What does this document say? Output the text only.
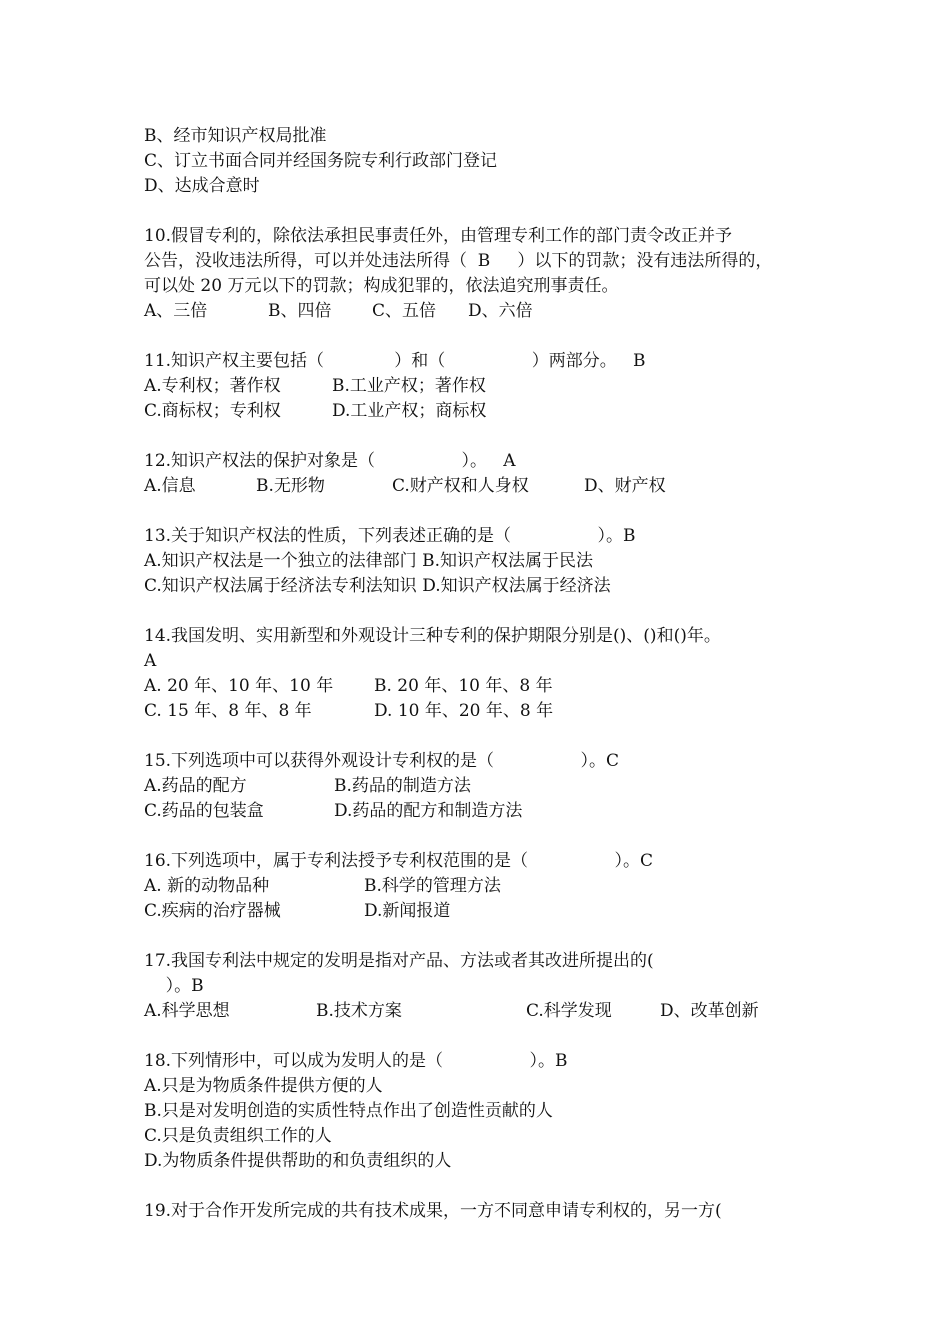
B、经市知识产权局批准
C、订立书面合同并经国务院专利行政部门登记
D、达成合意时
10.假冒专利的，除依法承担民事责任外，由管理专利工作的部门责令改正并予
公告，没收违法所得，可以并处违法所得（  B     ）以下的罚款；没有违法所得的，
可以处 20 万元以下的罚款；构成犯罪的，依法追究刑事责任。

A、三倍

	B、四倍

C、五倍

D、六倍

11.知识产权主要包括（             ）和（                ）两部分。   B

A.专利权；著作权

	B.工业产权；著作权

C.商标权；专利权

	D.工业产权；商标权

12.知识产权法的保护对象是（                ）。   A

A.信息

	B.无形物

	C.财产权和人身权

	D、财产权

13.关于知识产权法的性质，下列表述正确的是（                ）。B
A.知识产权法是一个独立的法律部门 B.知识产权法属于民法
C.知识产权法属于经济法专利法知识 D.知识产权法属于经济法
14.我国发明、实用新型和外观设计三种专利的保护期限分别是()、()和()年。
A

A. 20 年、10 年、10 年

B. 20 年、10 年、8 年

C. 15 年、8 年、8 年

	D. 10 年、20 年、8 年

15.下列选项中可以获得外观设计专利权的是（                ）。C

A.药品的配方

	B.药品的制造方法

C.药品的包装盒

	D.药品的配方和制造方法

16.下列选项中，属于专利法授予专利权范围的是（                ）。C

A. 新的动物品种

	B.科学的管理方法

C.疾病的治疗器械

	D.新闻报道

17.我国专利法中规定的发明是指对产品、方法或者其改进所提出的(
）。B

A.科学思想

	B.技术方案

	C.科学发现

	D、改革创新

18.下列情形中，可以成为发明人的是（                ）。B
A.只是为物质条件提供方便的人
B.只是对发明创造的实质性特点作出了创造性贡献的人
C.只是负责组织工作的人
D.为物质条件提供帮助的和负责组织的人
19.对于合作开发所完成的共有技术成果，一方不同意申请专利权的，另一方(
